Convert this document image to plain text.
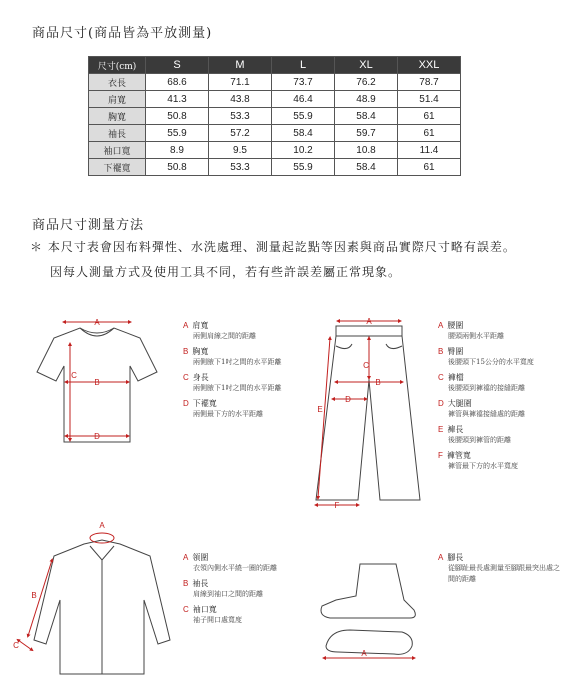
商品尺寸(商品皆為平放測量)
尺寸(cm)	S	M	L	XL	XXL
衣長	68.6	71.1	73.7	76.2	78.7
肩寬	41.3	43.8	46.4	48.9	51.4
胸寬	50.8	53.3	55.9	58.4	61
袖長	55.9	57.2	58.4	59.7	61
袖口寬	8.9	9.5	10.2	10.8	11.4
下襬寬	50.8	53.3	55.9	58.4	61
商品尺寸測量方法
＊ 本尺寸表會因布料彈性、水洗處理、測量起訖點等因素與商品實際尺寸略有誤差。
因每人測量方式及使用工具不同，若有些許誤差屬正常現象。
A
B
C
D
A
B
C
D
E
F
A
B
C
A
A 肩寬
兩側肩線之間的距離
B 胸寬
兩側腋下1吋之間的水平距離
C 身長
兩側腋下1吋之間的水平距離
D 下襬寬
兩側最下方的水平距離
A 腰圍
腰頭兩側水平距離
B 臀圍
後腰頭下15公分的水平寬度
C 褲檔
後腰頭到褲襠的接縫距離
D 大腿圍
褲管與褲襠接縫處的距離
E 褲長
後腰頭到褲管的距離
F 褲管寬
褲管最下方的水平寬度
A 領圍
衣領內側水平繞一圈的距離
B 袖長
肩線到袖口之間的距離
C 袖口寬
袖子開口處寬度
A 腳長
從腳趾最長處測量至腳跟最突出處之間的距離
